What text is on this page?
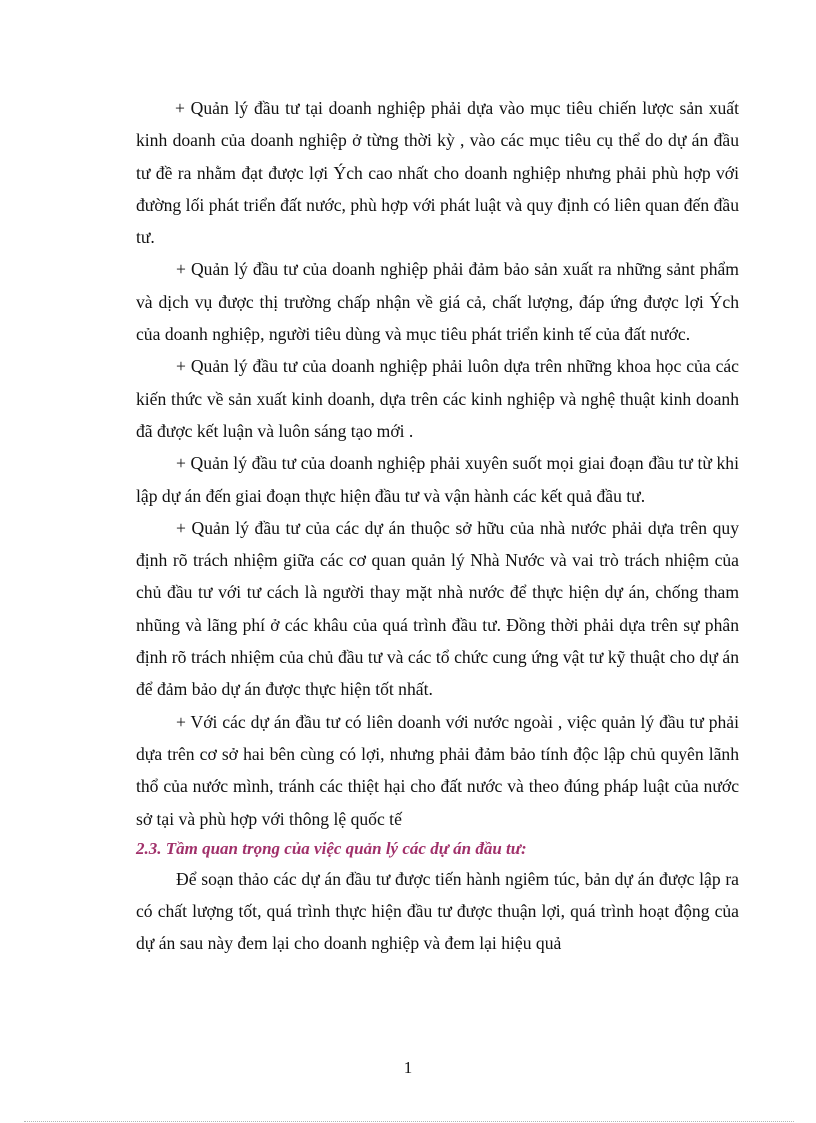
+ Quản lý đầu tư tại doanh nghiệp phải dựa vào mục tiêu chiến lược sản xuất kinh doanh của doanh nghiệp ở từng thời kỳ , vào các mục tiêu cụ thể do dự án đầu tư đề ra nhằm đạt được lợi Ých cao nhất cho doanh nghiệp nhưng phải phù hợp với đường lối phát triển đất nước, phù hợp với phát luật và quy định có liên quan đến đầu tư.

+ Quản lý đầu tư của doanh nghiệp phải đảm bảo sản xuất ra những sảnt phẩm và dịch vụ được thị trường chấp nhận về giá cả, chất lượng, đáp ứng được lợi Ých của doanh nghiệp, người tiêu dùng và mục tiêu phát triển kinh tế của đất nước.

+ Quản lý đầu tư của doanh nghiệp phải luôn dựa trên những khoa học của các kiến thức về sản xuất kinh doanh, dựa trên các kinh nghiệp và nghệ thuật kinh doanh đã được kết luận và luôn sáng tạo mới .

+ Quản lý đầu tư của doanh nghiệp phải xuyên suốt mọi giai đoạn đầu tư từ khi lập dự án đến giai đoạn thực hiện đầu tư và vận hành các kết quả đầu tư.

+ Quản lý đầu tư của các dự án thuộc sở hữu của nhà nước phải dựa trên quy định rõ trách nhiệm giữa các cơ quan quản lý Nhà Nước và vai trò trách nhiệm của chủ đầu tư với tư cách là người thay mặt nhà nước để thực hiện dự án, chống tham nhũng và lãng phí ở các khâu của quá trình đầu tư. Đồng thời phải dựa trên sự phân định rõ trách nhiệm của chủ đầu tư và các tổ chức cung ứng vật tư kỹ thuật cho dự án để đảm bảo dự án được thực hiện tốt nhất.

+ Với các dự án đầu tư có liên doanh với nước ngoài , việc quản lý đầu tư phải dựa trên cơ sở hai bên cùng có lợi, nhưng phải đảm bảo tính độc lập chủ quyên lãnh thổ của nước mình, tránh các thiệt hại cho đất nước và theo đúng pháp luật của nước sở tại và phù hợp với thông lệ quốc tế

2.3. Tầm quan trọng của việc quản lý các dự án đầu tư:

Để soạn thảo các dự án đầu tư được tiến hành ngiêm túc, bản dự án được lập ra có chất lượng tốt, quá trình thực hiện đầu tư được thuận lợi, quá trình hoạt động của dự án sau này đem lại cho doanh nghiệp và đem lại hiệu quả

1
